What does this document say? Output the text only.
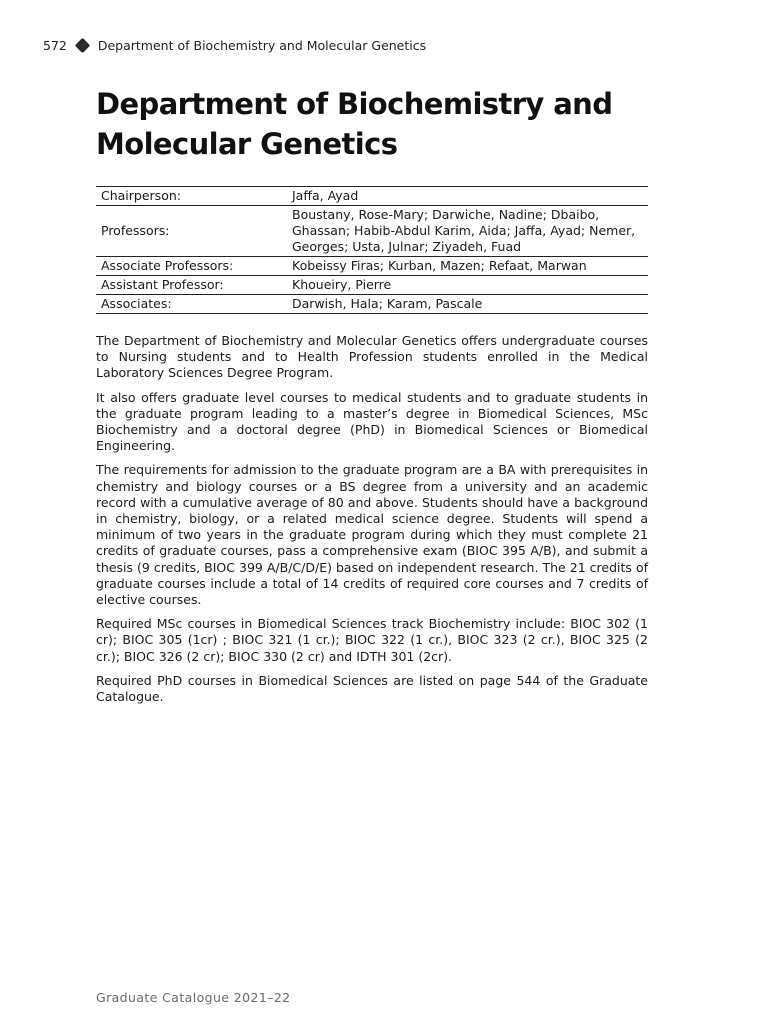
572 Department of Biochemistry and Molecular Genetics
Department of Biochemistry and Molecular Genetics
Chairperson:	Jaffa, Ayad
Professors:	Boustany, Rose-Mary; Darwiche, Nadine; Dbaibo, Ghassan; Habib-Abdul Karim, Aida; Jaffa, Ayad; Nemer, Georges; Usta, Julnar; Ziyadeh, Fuad
Associate Professors:	Kobeissy Firas; Kurban, Mazen; Refaat, Marwan
Assistant Professor:	Khoueiry, Pierre
Associates:	Darwish, Hala; Karam, Pascale

The Department of Biochemistry and Molecular Genetics offers undergraduate courses to Nursing students and to Health Profession students enrolled in the Medical Laboratory Sciences Degree Program.

It also offers graduate level courses to medical students and to graduate students in the graduate program leading to a master’s degree in Biomedical Sciences, MSc Biochemistry and a doctoral degree (PhD) in Biomedical Sciences or Biomedical Engineering.

The requirements for admission to the graduate program are a BA with prerequisites in chemistry and biology courses or a BS degree from a university and an academic record with a cumulative average of 80 and above. Students should have a background in chemistry, biology, or a related medical science degree. Students will spend a minimum of two years in the graduate program during which they must complete 21 credits of graduate courses, pass a comprehensive exam (BIOC 395 A/B), and submit a thesis (9 credits, BIOC 399 A/B/C/D/E) based on independent research. The 21 credits of graduate courses include a total of 14 credits of required core courses and 7 credits of elective courses.

Required MSc courses in Biomedical Sciences track Biochemistry include: BIOC 302 (1 cr); BIOC 305 (1cr) ; BIOC 321 (1 cr.); BIOC 322 (1 cr.), BIOC 323 (2 cr.), BIOC 325 (2 cr.); BIOC 326 (2 cr); BIOC 330 (2 cr) and IDTH 301 (2cr).

Required PhD courses in Biomedical Sciences are listed on page 544 of the Graduate Catalogue.

Graduate Catalogue 2021–22
